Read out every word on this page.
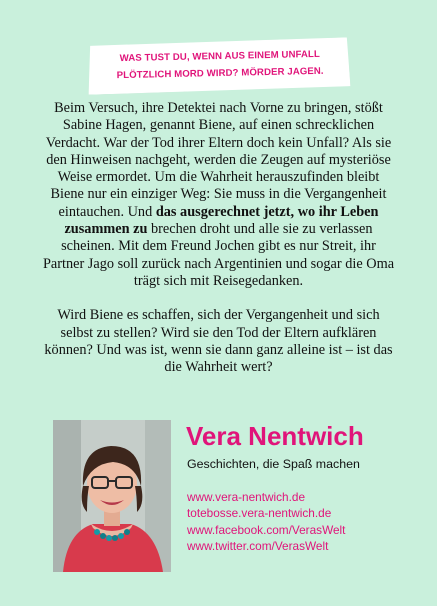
WAS TUST DU, WENN AUS EINEM UNFALL
PLÖTZLICH MORD WIRD? MÖRDER JAGEN.

Beim Versuch, ihre Detektei nach Vorne zu bringen, stößt Sabine Hagen, genannt Biene, auf einen schrecklichen Verdacht. War der Tod ihrer Eltern doch kein Unfall? Als sie den Hinweisen nachgeht, werden die Zeugen auf mysteriöse Weise ermordet. Um die Wahrheit herauszufinden bleibt Biene nur ein einziger Weg: Sie muss in die Vergangenheit eintauchen. Und das ausgerechnet jetzt, wo ihr Leben zusammen zu brechen droht und alle sie zu verlassen scheinen. Mit dem Freund Jochen gibt es nur Streit, ihr Partner Jago soll zurück nach Argentinien und sogar die Oma trägt sich mit Reisegedanken.

Wird Biene es schaffen, sich der Vergangenheit und sich selbst zu stellen? Wird sie den Tod der Eltern aufklären können? Und was ist, wenn sie dann ganz alleine ist – ist das die Wahrheit wert?

Vera Nentwich
Geschichten, die Spaß machen
www.vera-nentwich.de
totebosse.vera-nentwich.de
www.facebook.com/VerasWelt
www.twitter.com/VerasWelt
